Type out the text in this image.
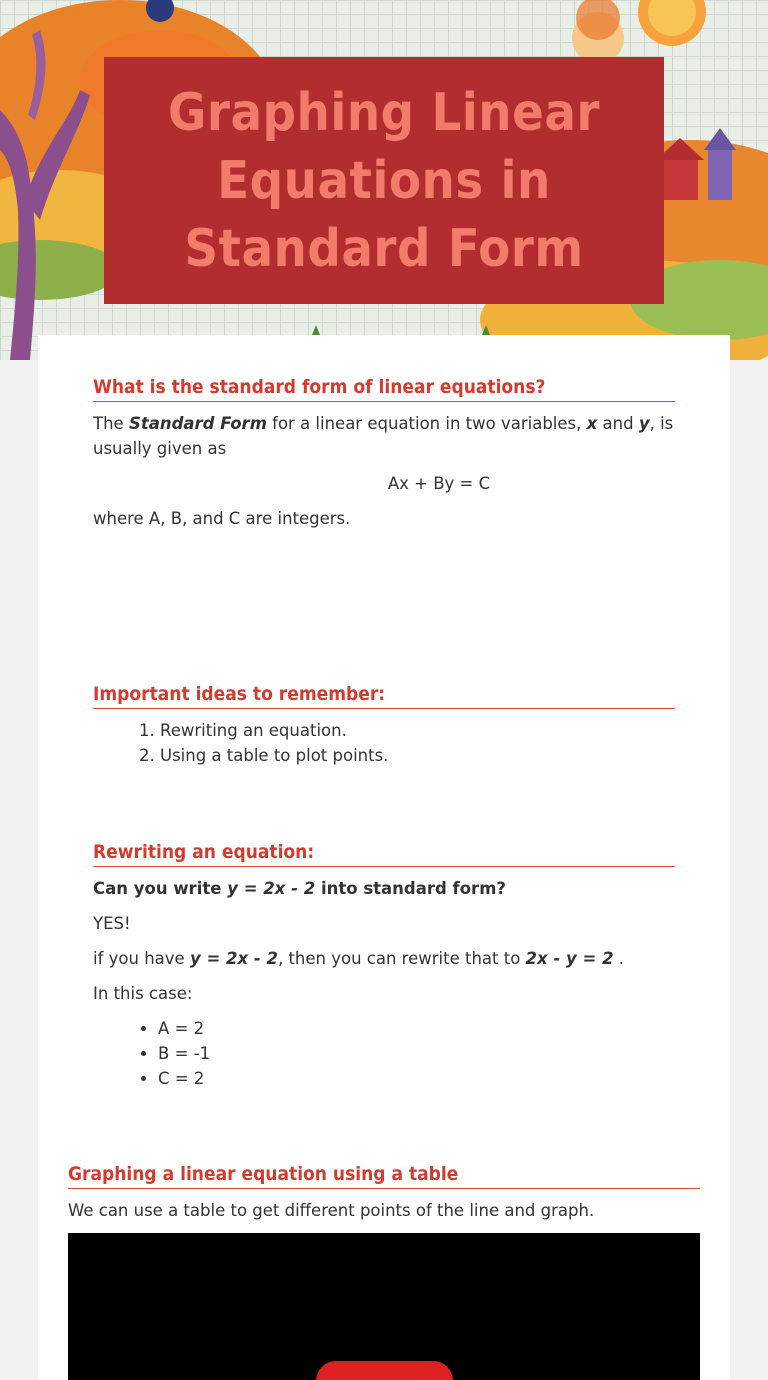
Graphing Linear Equations in Standard Form
What is the standard form of linear equations?

The Standard Form for a linear equation in two variables, x and y, is usually given as

Ax + By = C

where A, B, and C are integers.

Important ideas to remember:
1. Rewriting an equation.
2. Using a table to plot points.
Rewriting an equation:

Can you write y = 2x - 2 into standard form?

YES!

if you have y = 2x - 2, then you can rewrite that to 2x - y = 2 .

In this case:

• A = 2
• B = -1
• C = 2
Graphing a linear equation using a table

We can use a table to get different points of the line and graph.
